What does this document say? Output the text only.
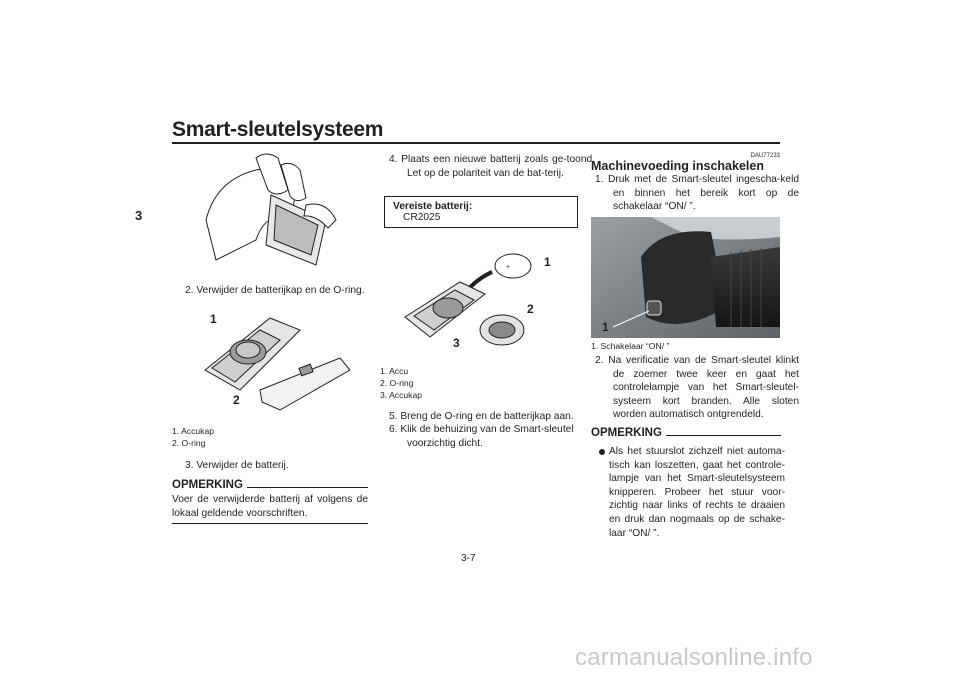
Smart-sleutelsysteem
3
2. Verwijder de batterijkap en de O-ring.
1
2
1. Accukap
2. O-ring
3. Verwijder de batterij.
OPMERKING
Voer de verwijderde batterij af volgens de lokaal geldende voorschriften.
4. Plaats een nieuwe batterij zoals ge-toond. Let op de polariteit van de bat-terij.
Vereiste batterij:
CR2025
+	1
2
3
1. Accu
2. O-ring
3. Accukap
5. Breng de O-ring en de batterijkap aan.
6. Klik de behuizing van de Smart-sleutel voorzichtig dicht.
DAU77233
Machinevoeding inschakelen
1. Druk met de Smart-sleutel ingescha-keld en binnen het bereik kort op de schakelaar “ON/ ”.
1
1. Schakelaar “ON/ ”
2. Na verificatie van de Smart-sleutel klinkt de zoemer twee keer en gaat het controlelampje van het Smart-sleutel-systeem kort branden. Alle sloten worden automatisch ontgrendeld.
OPMERKING
Als het stuurslot zichzelf niet automa-tisch kan loszetten, gaat het controle-lampje van het Smart-sleutelsysteem knipperen. Probeer het stuur voor-zichtig naar links of rechts te draaien en druk dan nogmaals op de schake-laar “ON/ ”.
3-7
carmanualsonline.info
